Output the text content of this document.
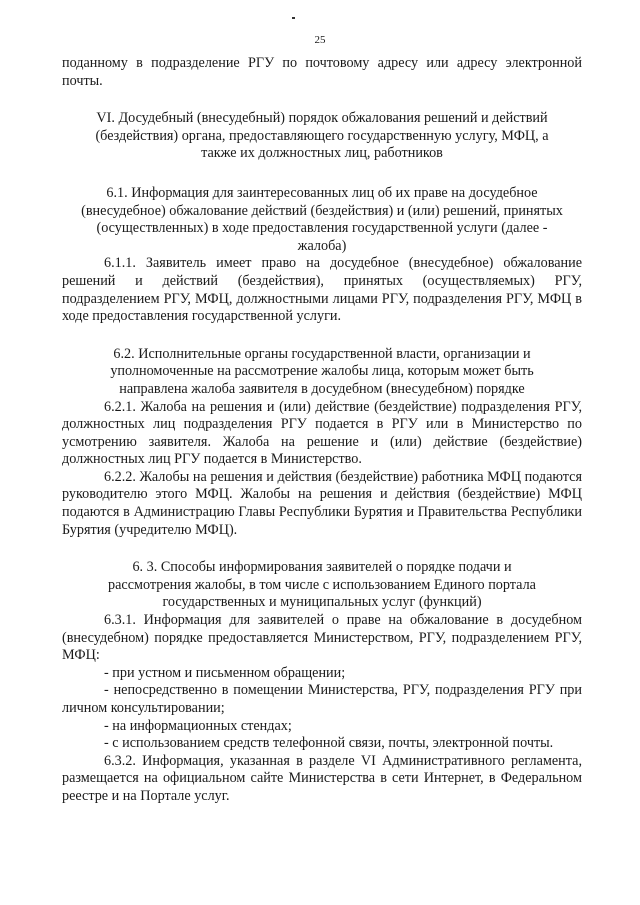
25

поданному в подразделение РГУ по почтовому адресу или адресу электронной почты.

VI. Досудебный (внесудебный) порядок обжалования решений и действий (бездействия) органа, предоставляющего государственную услугу, МФЦ, а также их должностных лиц, работников

6.1. Информация для заинтересованных лиц об их праве на досудебное (внесудебное) обжалование действий (бездействия) и (или) решений, принятых (осуществленных) в ходе предоставления государственной услуги (далее - жалоба)

6.1.1. Заявитель имеет право на досудебное (внесудебное) обжалование решений и действий (бездействия), принятых (осуществляемых) РГУ, подразделением РГУ, МФЦ, должностными лицами РГУ, подразделения РГУ, МФЦ в ходе предоставления государственной услуги.

6.2. Исполнительные органы государственной власти, организации и уполномоченные на рассмотрение жалобы лица, которым может быть направлена жалоба заявителя в досудебном (внесудебном) порядке

6.2.1. Жалоба на решения и (или) действие (бездействие) подразделения РГУ, должностных лиц подразделения РГУ подается в РГУ или в Министерство по усмотрению заявителя. Жалоба на решение и (или) действие (бездействие) должностных лиц РГУ подается в Министерство.

6.2.2. Жалобы на решения и действия (бездействие) работника МФЦ подаются руководителю этого МФЦ. Жалобы на решения и действия (бездействие) МФЦ подаются в Администрацию Главы Республики Бурятия и Правительства Республики Бурятия (учредителю МФЦ).

6. 3. Способы информирования заявителей о порядке подачи и рассмотрения жалобы, в том числе с использованием Единого портала государственных и муниципальных услуг (функций)

6.3.1. Информация для заявителей о праве на обжалование в досудебном (внесудебном) порядке предоставляется Министерством, РГУ, подразделением РГУ, МФЦ:

- при устном и письменном обращении;

- непосредственно в помещении Министерства, РГУ, подразделения РГУ при личном консультировании;

- на информационных стендах;

- с использованием средств телефонной связи, почты, электронной почты.

6.3.2. Информация, указанная в разделе VI Административного регламента, размещается на официальном сайте Министерства в сети Интернет, в Федеральном реестре и на Портале услуг.
